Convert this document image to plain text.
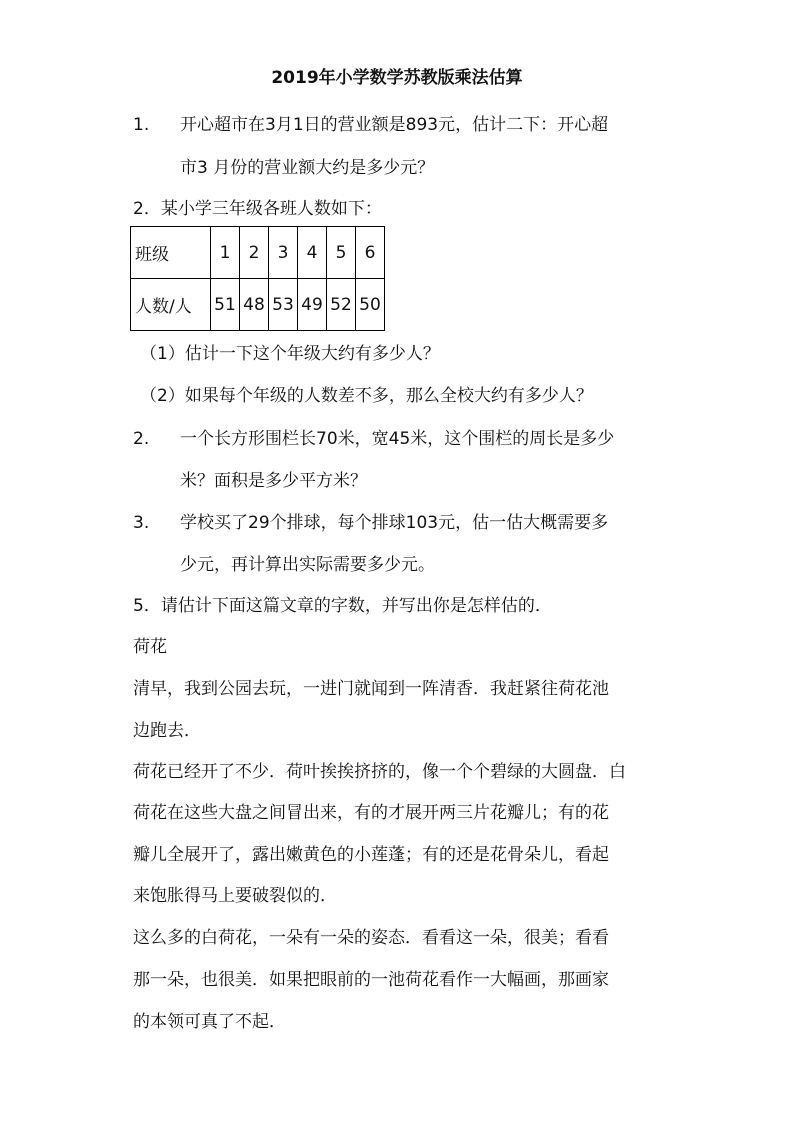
2019年小学数学苏教版乘法估算
1. 开心超市在3月1日的营业额是893元，估计二下：开心超
市3 月份的营业额大约是多少元？
2．某小学三年级各班人数如下：
班级	1	2	3	4	5	6
人数/人	51	48	53	49	52	50
（1）估计一下这个年级大约有多少人？
（2）如果每个年级的人数差不多，那么全校大约有多少人？
2. 一个长方形围栏长70米，宽45米，这个围栏的周长是多少
米？面积是多少平方米？
3. 学校买了29个排球，每个排球103元，估一估大概需要多
少元，再计算出实际需要多少元。
5．请估计下面这篇文章的字数，并写出你是怎样估的．
荷花
清早，我到公园去玩，一进门就闻到一阵清香．我赶紧往荷花池
边跑去．
荷花已经开了不少．荷叶挨挨挤挤的，像一个个碧绿的大圆盘．白
荷花在这些大盘之间冒出来，有的才展开两三片花瓣儿；有的花
瓣儿全展开了，露出嫩黄色的小莲蓬；有的还是花骨朵儿，看起
来饱胀得马上要破裂似的．
这么多的白荷花，一朵有一朵的姿态．看看这一朵，很美；看看
那一朵，也很美．如果把眼前的一池荷花看作一大幅画，那画家
的本领可真了不起．
